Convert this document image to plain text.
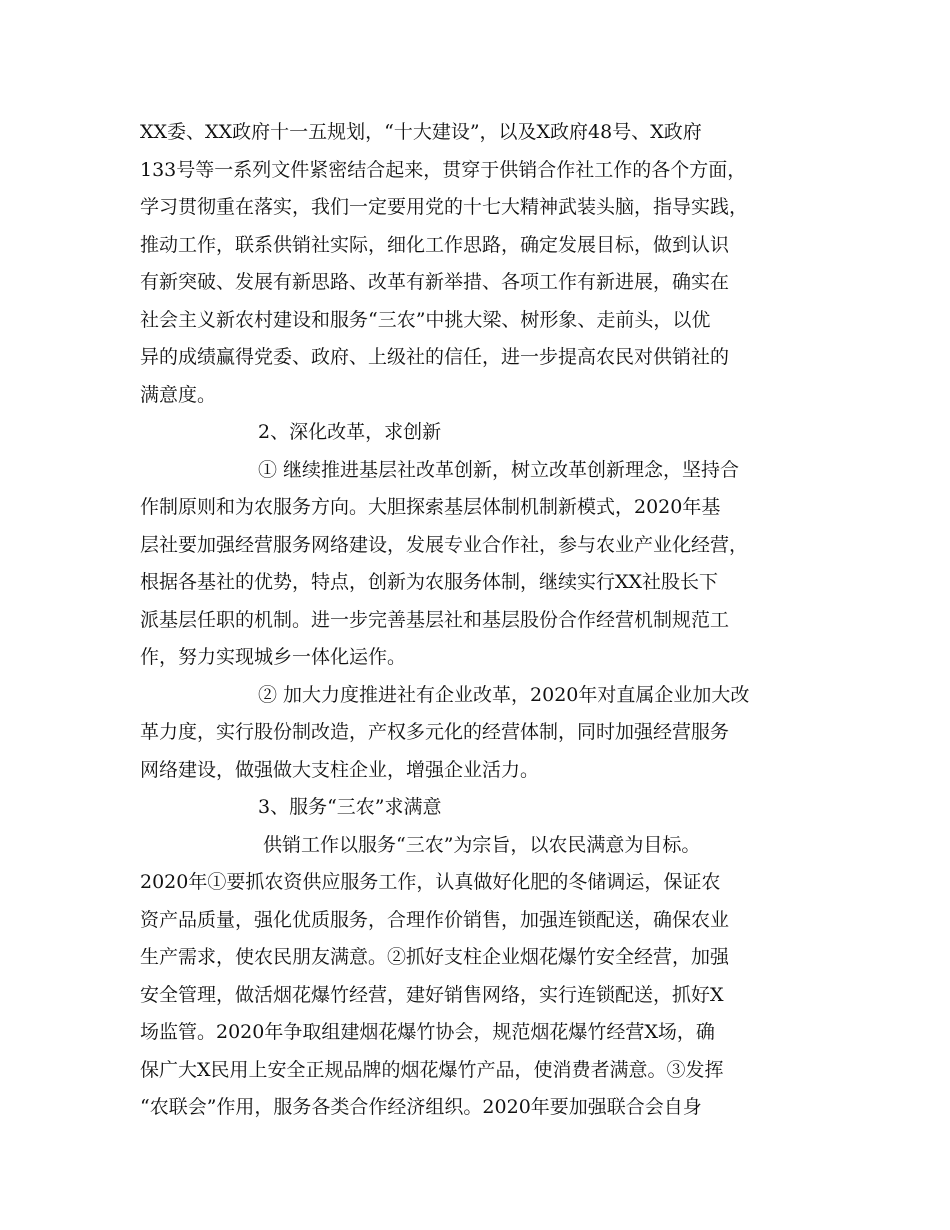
XX委、XX政府十一五规划，“十大建设”，以及X政府48号、X政府
133号等一系列文件紧密结合起来，贯穿于供销合作社工作的各个方面，
学习贯彻重在落实，我们一定要用党的十七大精神武装头脑，指导实践，
推动工作，联系供销社实际，细化工作思路，确定发展目标，做到认识
有新突破、发展有新思路、改革有新举措、各项工作有新进展，确实在
社会主义新农村建设和服务“三农”中挑大梁、树形象、走前头，以优
异的成绩赢得党委、政府、上级社的信任，进一步提高农民对供销社的
满意度。
2、深化改革，求创新
① 继续推进基层社改革创新，树立改革创新理念，坚持合
作制原则和为农服务方向。大胆探索基层体制机制新模式，2020年基
层社要加强经营服务网络建设，发展专业合作社，参与农业产业化经营，
根据各基社的优势，特点，创新为农服务体制，继续实行XX社股长下
派基层任职的机制。进一步完善基层社和基层股份合作经营机制规范工
作，努力实现城乡一体化运作。
② 加大力度推进社有企业改革，2020年对直属企业加大改
革力度，实行股份制改造，产权多元化的经营体制，同时加强经营服务
网络建设，做强做大支柱企业，增强企业活力。
3、服务“三农”求满意
供销工作以服务“三农”为宗旨，以农民满意为目标。
2020年①要抓农资供应服务工作，认真做好化肥的冬储调运，保证农
资产品质量，强化优质服务，合理作价销售，加强连锁配送，确保农业
生产需求，使农民朋友满意。②抓好支柱企业烟花爆竹安全经营，加强
安全管理，做活烟花爆竹经营，建好销售网络，实行连锁配送，抓好X
场监管。2020年争取组建烟花爆竹协会，规范烟花爆竹经营X场，确
保广大X民用上安全正规品牌的烟花爆竹产品，使消费者满意。③发挥
“农联会”作用，服务各类合作经济组织。2020年要加强联合会自身
